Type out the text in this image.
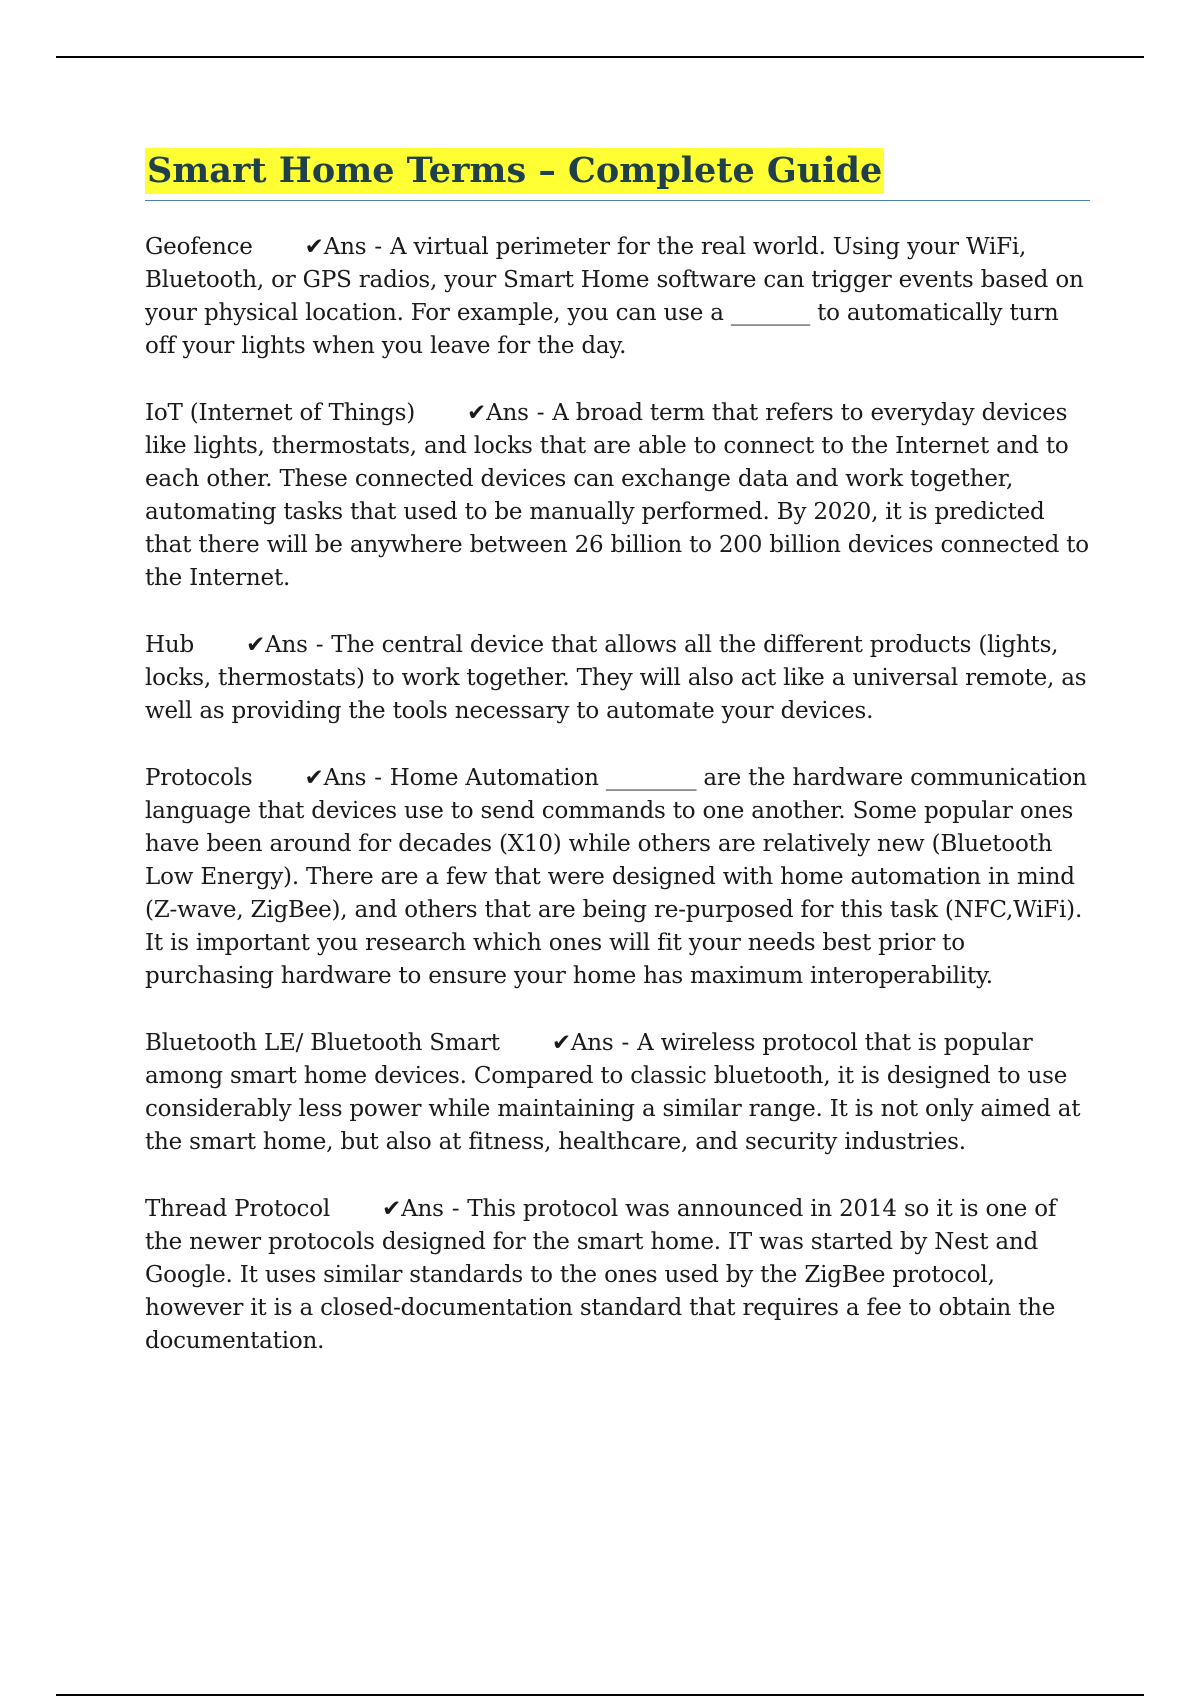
Smart Home Terms – Complete Guide

Geofence ✔Ans - A virtual perimeter for the real world. Using your WiFi, Bluetooth, or GPS radios, your Smart Home software can trigger events based on your physical location. For example, you can use a _______ to automatically turn off your lights when you leave for the day.

IoT (Internet of Things) ✔Ans - A broad term that refers to everyday devices like lights, thermostats, and locks that are able to connect to the Internet and to each other. These connected devices can exchange data and work together, automating tasks that used to be manually performed. By 2020, it is predicted that there will be anywhere between 26 billion to 200 billion devices connected to the Internet.

Hub ✔Ans - The central device that allows all the different products (lights, locks, thermostats) to work together. They will also act like a universal remote, as well as providing the tools necessary to automate your devices.

Protocols ✔Ans - Home Automation ________ are the hardware communication language that devices use to send commands to one another. Some popular ones have been around for decades (X10) while others are relatively new (Bluetooth Low Energy). There are a few that were designed with home automation in mind (Z-wave, ZigBee), and others that are being re-purposed for this task (NFC,WiFi). It is important you research which ones will fit your needs best prior to purchasing hardware to ensure your home has maximum interoperability.

Bluetooth LE/ Bluetooth Smart ✔Ans - A wireless protocol that is popular among smart home devices. Compared to classic bluetooth, it is designed to use considerably less power while maintaining a similar range. It is not only aimed at the smart home, but also at fitness, healthcare, and security industries.

Thread Protocol ✔Ans - This protocol was announced in 2014 so it is one of the newer protocols designed for the smart home. IT was started by Nest and Google. It uses similar standards to the ones used by the ZigBee protocol, however it is a closed-documentation standard that requires a fee to obtain the documentation.
